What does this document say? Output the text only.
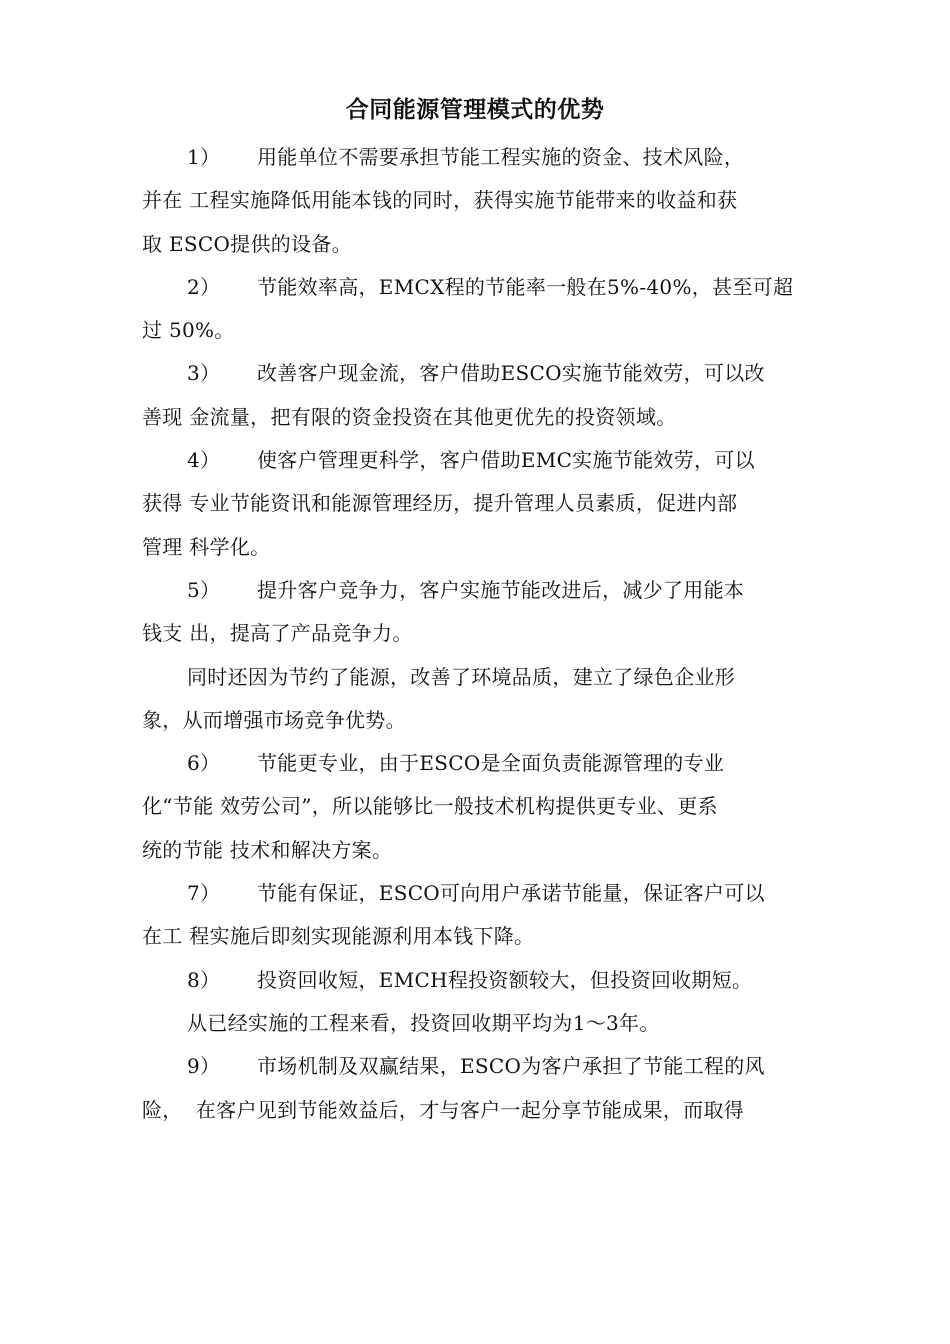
合同能源管理模式的优势
1） 用能单位不需要承担节能工程实施的资金、技术风险，
并在 工程实施降低用能本钱的同时，获得实施节能带来的收益和获
取 ESCO提供的设备。
2） 节能效率高，EMCX程的节能率一般在5%-40%，甚至可超
过 50%。
3） 改善客户现金流，客户借助ESCO实施节能效劳，可以改
善现 金流量，把有限的资金投资在其他更优先的投资领域。
4） 使客户管理更科学，客户借助EMC实施节能效劳，可以
获得 专业节能资讯和能源管理经历，提升管理人员素质，促进内部
管理 科学化。
5） 提升客户竞争力，客户实施节能改进后，减少了用能本
钱支 出，提高了产品竞争力。
同时还因为节约了能源，改善了环境品质，建立了绿色企业形
象，从而增强市场竞争优势。
6） 节能更专业，由于ESCO是全面负责能源管理的专业
化“节能 效劳公司”，所以能够比一般技术机构提供更专业、更系
统的节能 技术和解决方案。
7） 节能有保证，ESCO可向用户承诺节能量，保证客户可以
在工 程实施后即刻实现能源利用本钱下降。
8） 投资回收短，EMCH程投资额较大，但投资回收期短。
从已经实施的工程来看，投资回收期平均为1〜3年。
9） 市场机制及双赢结果，ESCO为客户承担了节能工程的风
险，  在客户见到节能效益后，才与客户一起分享节能成果，而取得
